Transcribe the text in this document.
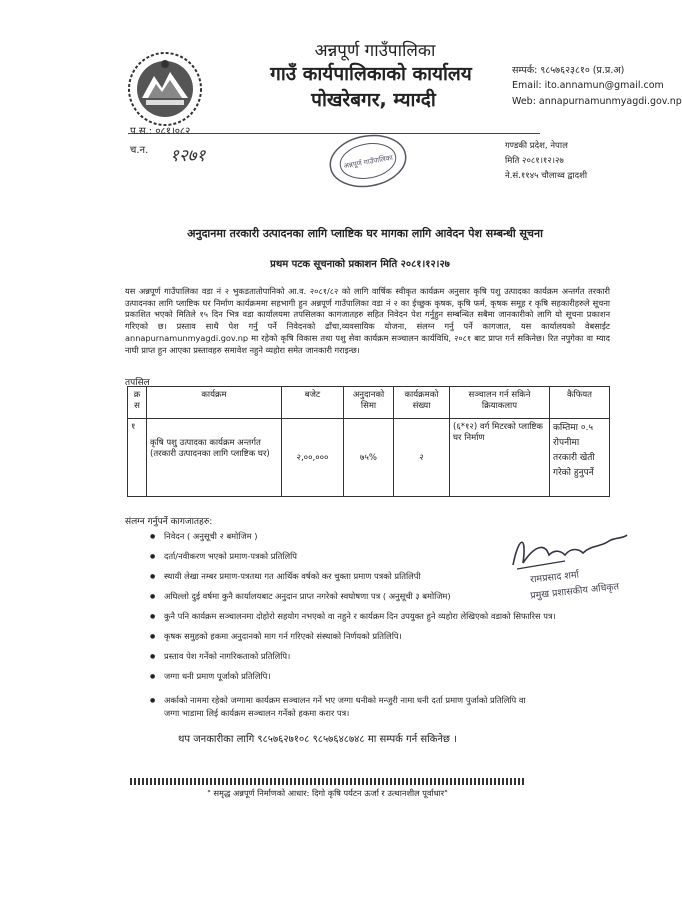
अन्नपूर्ण गाउँपालिका
गाउँ कार्यपालिकाको कार्यालय
पोखरेबगर, म्याग्दी
सम्पर्क: ९८५७६२३८१० (प्र.प्र.अ)
Email: ito.annamun@gmail.com
Web: annapurnamunmyagdi.gov.np
प.स.: ०८१।०८२
च.न. १२७१	अन्नपूर्ण गाउँपालिका
गण्डकी प्रदेश, नेपाल
मिति २०८१।१२।२७
ने.सं.११४५ चौलाथ्व द्वादशी
अनुदानमा तरकारी उत्पादनका लागि प्लाष्टिक घर मागका लागि आवेदन पेश सम्बन्धी सूचना
प्रथम पटक सूचनाको प्रकाशन मिति २०८१।१२।२७
यस अन्नपूर्ण गाउँपालिका वडा नं २ भुकडतातोपानिको आ.व. २०८१/८२ को लागि वार्षिक स्वीकृत कार्यक्रम अनुसार कृषि पशु उत्पादका कार्यक्रम अन्तर्गत तरकारी उत्पादनका लागि प्लाष्टिक घर निर्माण कार्यक्रममा सहभागी हुन अन्नपूर्ण गाउँपालिका वडा नं २ का ईच्छुक कृषक, कृषि फर्म, कृषक समूह र कृषि सहकारीहरुले सूचना प्रकाशित भएको मितिले १५ दिन भित्र वडा कार्यालयमा तपसिलका कागजातहरु सहित निवेदन पेश गर्नुहुन सम्बन्धित सबैमा जानकारीको लागि यो सूचना प्रकाशन गरिएको छ। प्रस्ताव साथै पेश गर्नु पर्ने निवेदनको ढाँचा,व्यवसायिक योजना, संलग्न गर्नु पर्ने कागजात, यस कार्यालयको वेबसाईट annapurnamunmyagdi.gov.np मा रहेको कृषि विकास तथा पशु सेवा कार्यक्रम सञ्चालन कार्यविधि, २०८१ बाट प्राप्त गर्न सकिनेछ। रित नपुगेका वा म्याद नाघी प्राप्त हुन आएका प्रस्तावहरु समावेश नहुने व्यहोरा समेत जानकारी गराइन्छ।
तपसिल
क्र स	कार्यक्रम	बजेट	अनुदानको सिमा	कार्यक्रमको संख्या	सञ्चालन गर्न सकिने क्रियाकलाप	कैफियत
१	कृषि पशु उत्पादका कार्यक्रम अन्तर्गत (तरकारी उत्पादनका लागि प्लाष्टिक घर)	२,००,०००	७५%	२	(६*१२) वर्ग मिटरको प्लाष्टिक घर निर्माण	कम्तिमा ०.५ रोपनीमा तरकारी खेती गरेको हुनुपर्ने
संलग्न गर्नुपर्ने कागजातहरु:
● निवेदन ( अनुसूची २ बमोजिम )
● दर्ता/नवीकरण भएको प्रमाण-पत्रको प्रतिलिपि
● स्थायी लेखा नम्बर प्रमाण-पत्रतथा गत आर्थिक वर्षको कर चुक्ता प्रमाण पत्रको प्रतिलिपी
● अघिल्लो दुई वर्षमा कुनै कार्यालयबाट अनुदान प्राप्त नगरेको स्वघोषणा पत्र ( अनुसूची ३ बमोजिम)
● कुनै पनि कार्यक्रम सञ्चालनमा दोहोरो सहयोग नभएको वा नहुने र कार्यक्रम दिन उपयुक्त हुने व्यहोरा लेखिएको वडाको सिफारिस पत्र।
● कृषक समुहको हकमा अनुदानको माग गर्न गरिएको संस्थाको निर्णयको प्रतिलिपि।
● प्रस्ताव पेश गर्नेको नागरिकताको प्रतिलिपि।
● जग्गा धनी प्रमाण पूर्जाको प्रतिलिपि।
● अर्काको नाममा रहेको जग्गामा कार्यक्रम सञ्चालन गर्ने भए जग्गा धनीको मन्जुरी नामा धनी दर्ता प्रमाण पुर्जाको प्रतिलिपि वा जग्गा भाडामा लिई कार्यक्रम सञ्चालन गर्नेको हकमा करार पत्र।
रामप्रसाद शर्मा
प्रमुख प्रशासकीय अधिकृत
थप जनकारीका लागि ९८५७६२७१०८ ९८५७६४८७४८ मा सम्पर्क गर्न सकिनेछ ।
" समृद्ध अन्नपूर्ण निर्माणको आधार: दिगो कृषि पर्यटन ऊर्जा र उत्थानशील पूर्वाधार"
